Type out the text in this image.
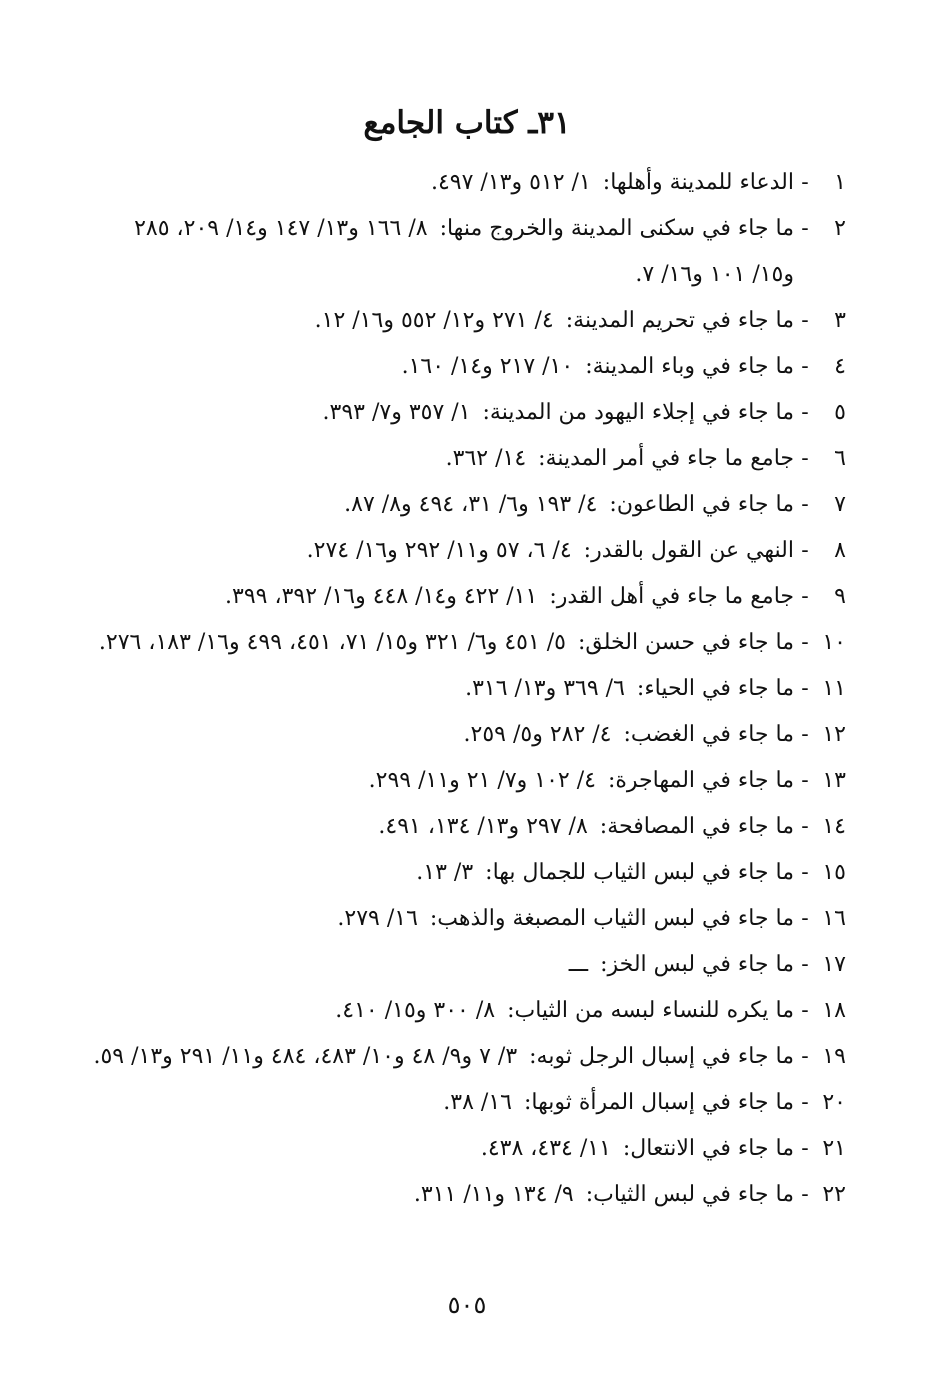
٣١ـ كتاب الجامع
١
-
الدعاء للمدينة وأهلها:١/ ٥١٢ و١٣/ ٤٩٧.
٢
-
ما جاء في سكنى المدينة والخروج منها:٨/ ١٦٦ و١٣/ ١٤٧ و١٤/ ٢٠٩، ٢٨٥ و١٥/ ١٠١ و١٦/ ٧.
٣
-
ما جاء في تحريم المدينة:٤/ ٢٧١ و١٢/ ٥٥٢ و١٦/ ١٢.
٤
-
ما جاء في وباء المدينة:١٠/ ٢١٧ و١٤/ ١٦٠.
٥
-
ما جاء في إجلاء اليهود من المدينة:١/ ٣٥٧ و٧/ ٣٩٣.
٦
-
جامع ما جاء في أمر المدينة:١٤/ ٣٦٢.
٧
-
ما جاء في الطاعون:٤/ ١٩٣ و٦/ ٣١، ٤٩٤ و٨/ ٨٧.
٨
-
النهي عن القول بالقدر:٤/ ٦، ٥٧ و١١/ ٢٩٢ و١٦/ ٢٧٤.
٩
-
جامع ما جاء في أهل القدر:١١/ ٤٢٢ و١٤/ ٤٤٨ و١٦/ ٣٩٢، ٣٩٩.
١٠
-
ما جاء في حسن الخلق:٥/ ٤٥١ و٦/ ٣٢١ و١٥/ ٧١، ٤٥١، ٤٩٩ و١٦/ ١٨٣، ٢٧٦.
١١
-
ما جاء في الحياء:٦/ ٣٦٩ و١٣/ ٣١٦.
١٢
-
ما جاء في الغضب:٤/ ٢٨٢ و٥/ ٢٥٩.
١٣
-
ما جاء في المهاجرة:٤/ ١٠٢ و٧/ ٢١ و١١/ ٢٩٩.
١٤
-
ما جاء في المصافحة:٨/ ٢٩٧ و١٣/ ١٣٤، ٤٩١.
١٥
-
ما جاء في لبس الثياب للجمال بها:٣/ ١٣.
١٦
-
ما جاء في لبس الثياب المصبغة والذهب:١٦/ ٢٧٩.
١٧
-
ما جاء في لبس الخز:ـــ
١٨
-
ما يكره للنساء لبسه من الثياب:٨/ ٣٠٠ و١٥/ ٤١٠.
١٩
-
ما جاء في إسبال الرجل ثوبه:٣/ ٧ و٩/ ٤٨ و١٠/ ٤٨٣، ٤٨٤ و١١/ ٢٩١ و١٣/ ٥٩.
٢٠
-
ما جاء في إسبال المرأة ثوبها:١٦/ ٣٨.
٢١
-
ما جاء في الانتعال:١١/ ٤٣٤، ٤٣٨.
٢٢
-
ما جاء في لبس الثياب:٩/ ١٣٤ و١١/ ٣١١.
٥٠٥
